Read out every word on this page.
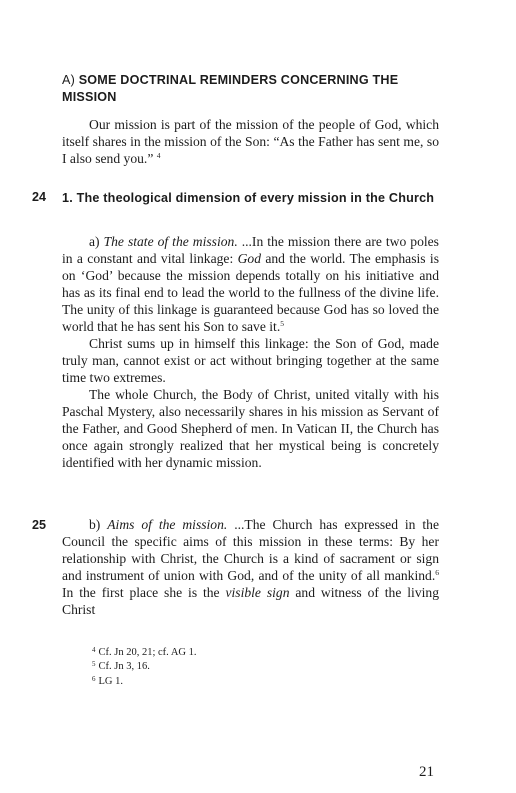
A) SOME DOCTRINAL REMINDERS CONCERNING THE MISSION

Our mission is part of the mission of the people of God, which itself shares in the mission of the Son: “As the Father has sent me, so I also send you.” $^4$

24 1. The theological dimension of every mission in the Church

a) The state of the mission. ...In the mission there are two poles in a constant and vital linkage: God and the world. The emphasis is on ‘God’ because the mission depends totally on his initiative and has as its final end to lead the world to the fullness of the divine life. The unity of this linkage is guaranteed because God has so loved the world that he has sent his Son to save it.$^5$

Christ sums up in himself this linkage: the Son of God, made truly man, cannot exist or act without bringing together at the same time two extremes.

The whole Church, the Body of Christ, united vitally with his Paschal Mystery, also necessarily shares in his mission as Servant of the Father, and Good Shepherd of men. In Vatican II, the Church has once again strongly realized that her mystical being is concretely identified with her dynamic mission.

25	b) Aims of the mission. ...The Church has expressed in the Council the specific aims of this mission in these terms: By her relationship with Christ, the Church is a kind of sacrament or sign and instrument of union with God, and of the unity of all mankind.$^6$ In the first place she is the visible sign and witness of the living Christ

$^4$ Cf. Jn 20, 21; cf. AG 1.
$^5$ Cf. Jn 3, 16.
$^6$ LG 1.
21
